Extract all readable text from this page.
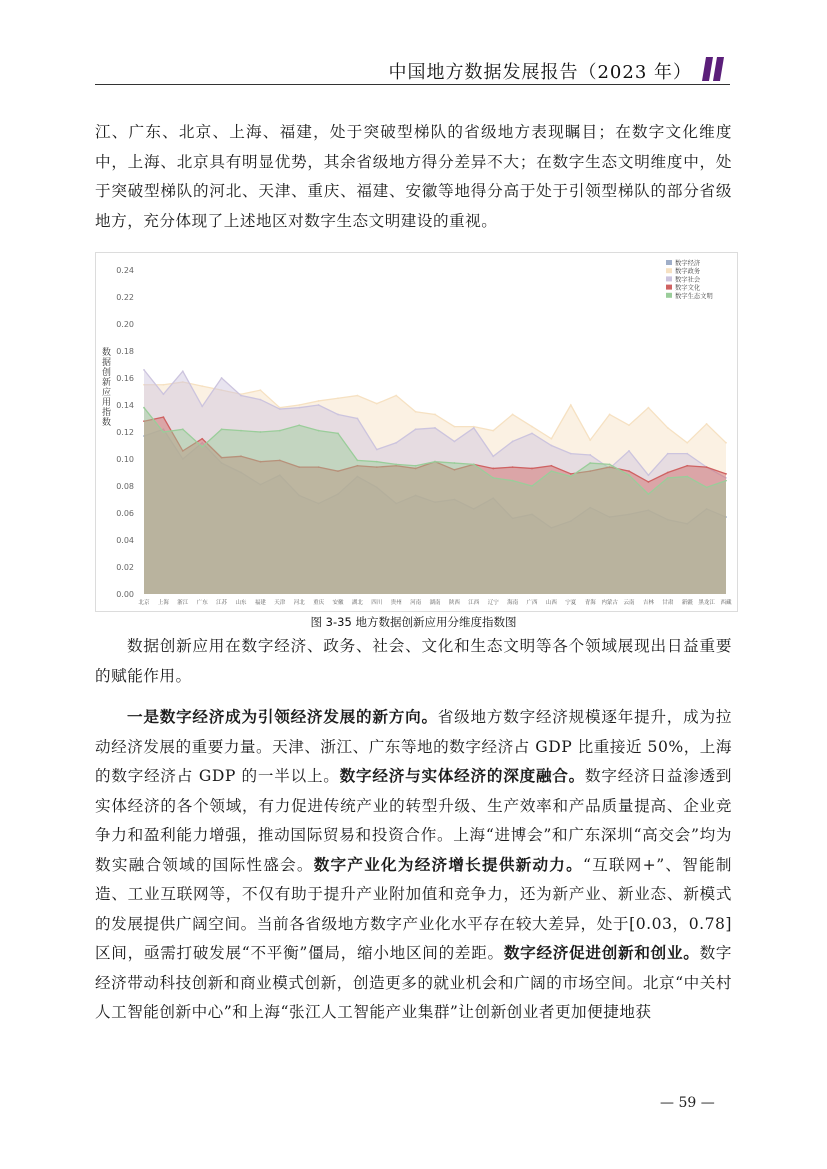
中国地方数据发展报告（2023 年）

江、广东、北京、上海、福建，处于突破型梯队的省级地方表现瞩目；在数字文化维度中，上海、北京具有明显优势，其余省级地方得分差异不大；在数字生态文明维度中，处于突破型梯队的河北、天津、重庆、福建、安徽等地得分高于处于引领型梯队的部分省级地方，充分体现了上述地区对数字生态文明建设的重视。

0.00
0.02
0.04
0.06
0.08
0.10
0.12
0.14
0.16
0.18
0.20
0.22
0.24
数据创新应用指数
北京 上海 浙江 广东 江苏 山东 福建 天津 河北 重庆 安徽 湖北 四川 贵州 河南 湖南 陕西 江西 辽宁 海南 广西 山西 宁夏 青海 内蒙古 云南 吉林 甘肃 新疆 黑龙江 西藏
数字经济
数字政务
数字社会
数字文化
数字生态文明
图 3-35 地方数据创新应用分维度指数图

数据创新应用在数字经济、政务、社会、文化和生态文明等各个领域展现出日益重要的赋能作用。

一是数字经济成为引领经济发展的新方向。省级地方数字经济规模逐年提升，成为拉动经济发展的重要力量。天津、浙江、广东等地的数字经济占 GDP 比重接近 50%，上海的数字经济占 GDP 的一半以上。数字经济与实体经济的深度融合。数字经济日益渗透到实体经济的各个领域，有力促进传统产业的转型升级、生产效率和产品质量提高、企业竞争力和盈利能力增强，推动国际贸易和投资合作。上海“进博会”和广东深圳“高交会”均为数实融合领域的国际性盛会。数字产业化为经济增长提供新动力。“互联网+”、智能制造、工业互联网等，不仅有助于提升产业附加值和竞争力，还为新产业、新业态、新模式的发展提供广阔空间。当前各省级地方数字产业化水平存在较大差异，处于[0.03，0.78]区间，亟需打破发展“不平衡”僵局，缩小地区间的差距。数字经济促进创新和创业。数字经济带动科技创新和商业模式创新，创造更多的就业机会和广阔的市场空间。北京“中关村人工智能创新中心”和上海“张江人工智能产业集群”让创新创业者更加便捷地获

— 59 —
